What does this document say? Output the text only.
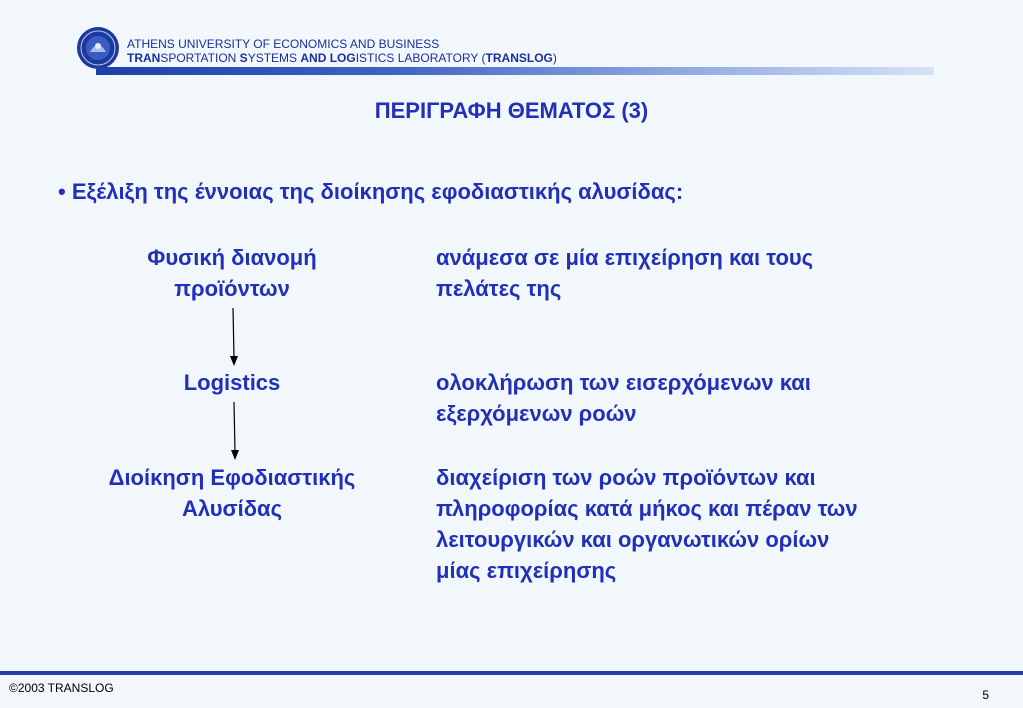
ATHENS UNIVERSITY OF ECONOMICS AND BUSINESS
TRANSPORTATION SYSTEMS AND LOGISTICS LABORATORY (TRANSLOG)
ΠΕΡΙΓΡΑΦΗ ΘΕΜΑΤΟΣ (3)
• Εξέλιξη της έννοιας της διοίκησης εφοδιαστικής αλυσίδας:
Φυσική διανομή
προϊόντων
ανάμεσα σε μία επιχείρηση και τους
πελάτες της
Logistics	ολοκλήρωση των εισερχόμενων και
εξερχόμενων ροών
Διοίκηση Εφοδιαστικής
Αλυσίδας
διαχείριση των ροών προϊόντων και
πληροφορίας κατά μήκος και πέραν των
λειτουργικών και οργανωτικών ορίων
μίας επιχείρησης
©2003 TRANSLOG	5
